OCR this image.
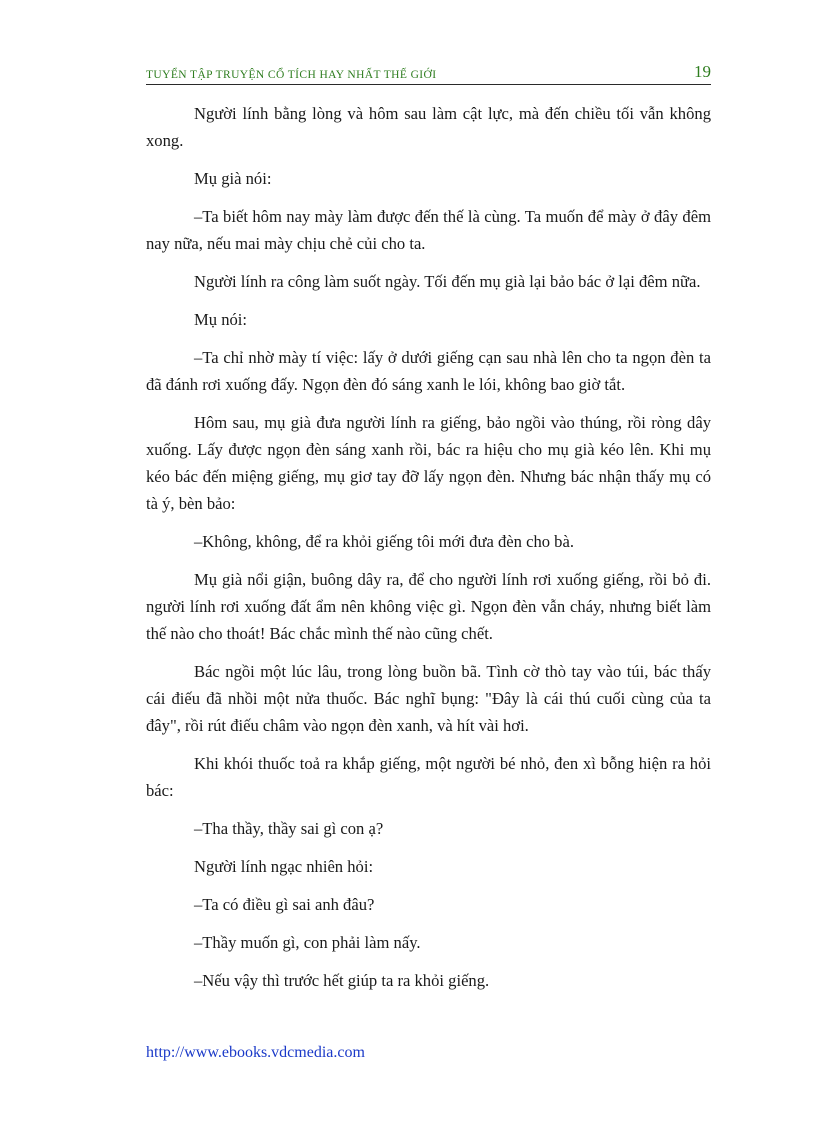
TUYỂN TẬP TRUYỆN CỔ TÍCH HAY NHẤT THẾ GIỚI	19

Người lính bằng lòng và hôm sau làm cật lực, mà đến chiều tối vẫn không xong.

Mụ già nói:

–Ta biết hôm nay mày làm được đến thế là cùng. Ta muốn để mày ở đây đêm nay nữa, nếu mai mày chịu chẻ củi cho ta.

Người lính ra công làm suốt ngày. Tối đến mụ già lại bảo bác ở lại đêm nữa.

Mụ nói:

–Ta chỉ nhờ mày tí việc: lấy ở dưới giếng cạn sau nhà lên cho ta ngọn đèn ta đã đánh rơi xuống đấy. Ngọn đèn đó sáng xanh le lói, không bao giờ tắt.

Hôm sau, mụ già đưa người lính ra giếng, bảo ngồi vào thúng, rồi ròng dây xuống. Lấy được ngọn đèn sáng xanh rồi, bác ra hiệu cho mụ già kéo lên. Khi mụ kéo bác đến miệng giếng, mụ giơ tay đỡ lấy ngọn đèn. Nhưng bác nhận thấy mụ có tà ý, bèn bảo:

–Không, không, để ra khỏi giếng tôi mới đưa đèn cho bà.

Mụ già nổi giận, buông dây ra, để cho người lính rơi xuống giếng, rồi bỏ đi. người lính rơi xuống đất ẩm nên không việc gì. Ngọn đèn vẫn cháy, nhưng biết làm thế nào cho thoát! Bác chắc mình thế nào cũng chết.

Bác ngồi một lúc lâu, trong lòng buồn bã. Tình cờ thò tay vào túi, bác thấy cái điếu đã nhồi một nửa thuốc. Bác nghĩ bụng: "Đây là cái thú cuối cùng của ta đây", rồi rút điếu châm vào ngọn đèn xanh, và hít vài hơi.

Khi khói thuốc toả ra khắp giếng, một người bé nhỏ, đen xì bỗng hiện ra hỏi bác:

–Tha thầy, thầy sai gì con ạ?

Người lính ngạc nhiên hỏi:

–Ta có điều gì sai anh đâu?

–Thầy muốn gì, con phải làm nấy.

–Nếu vậy thì trước hết giúp ta ra khỏi giếng.

http://www.ebooks.vdcmedia.com
